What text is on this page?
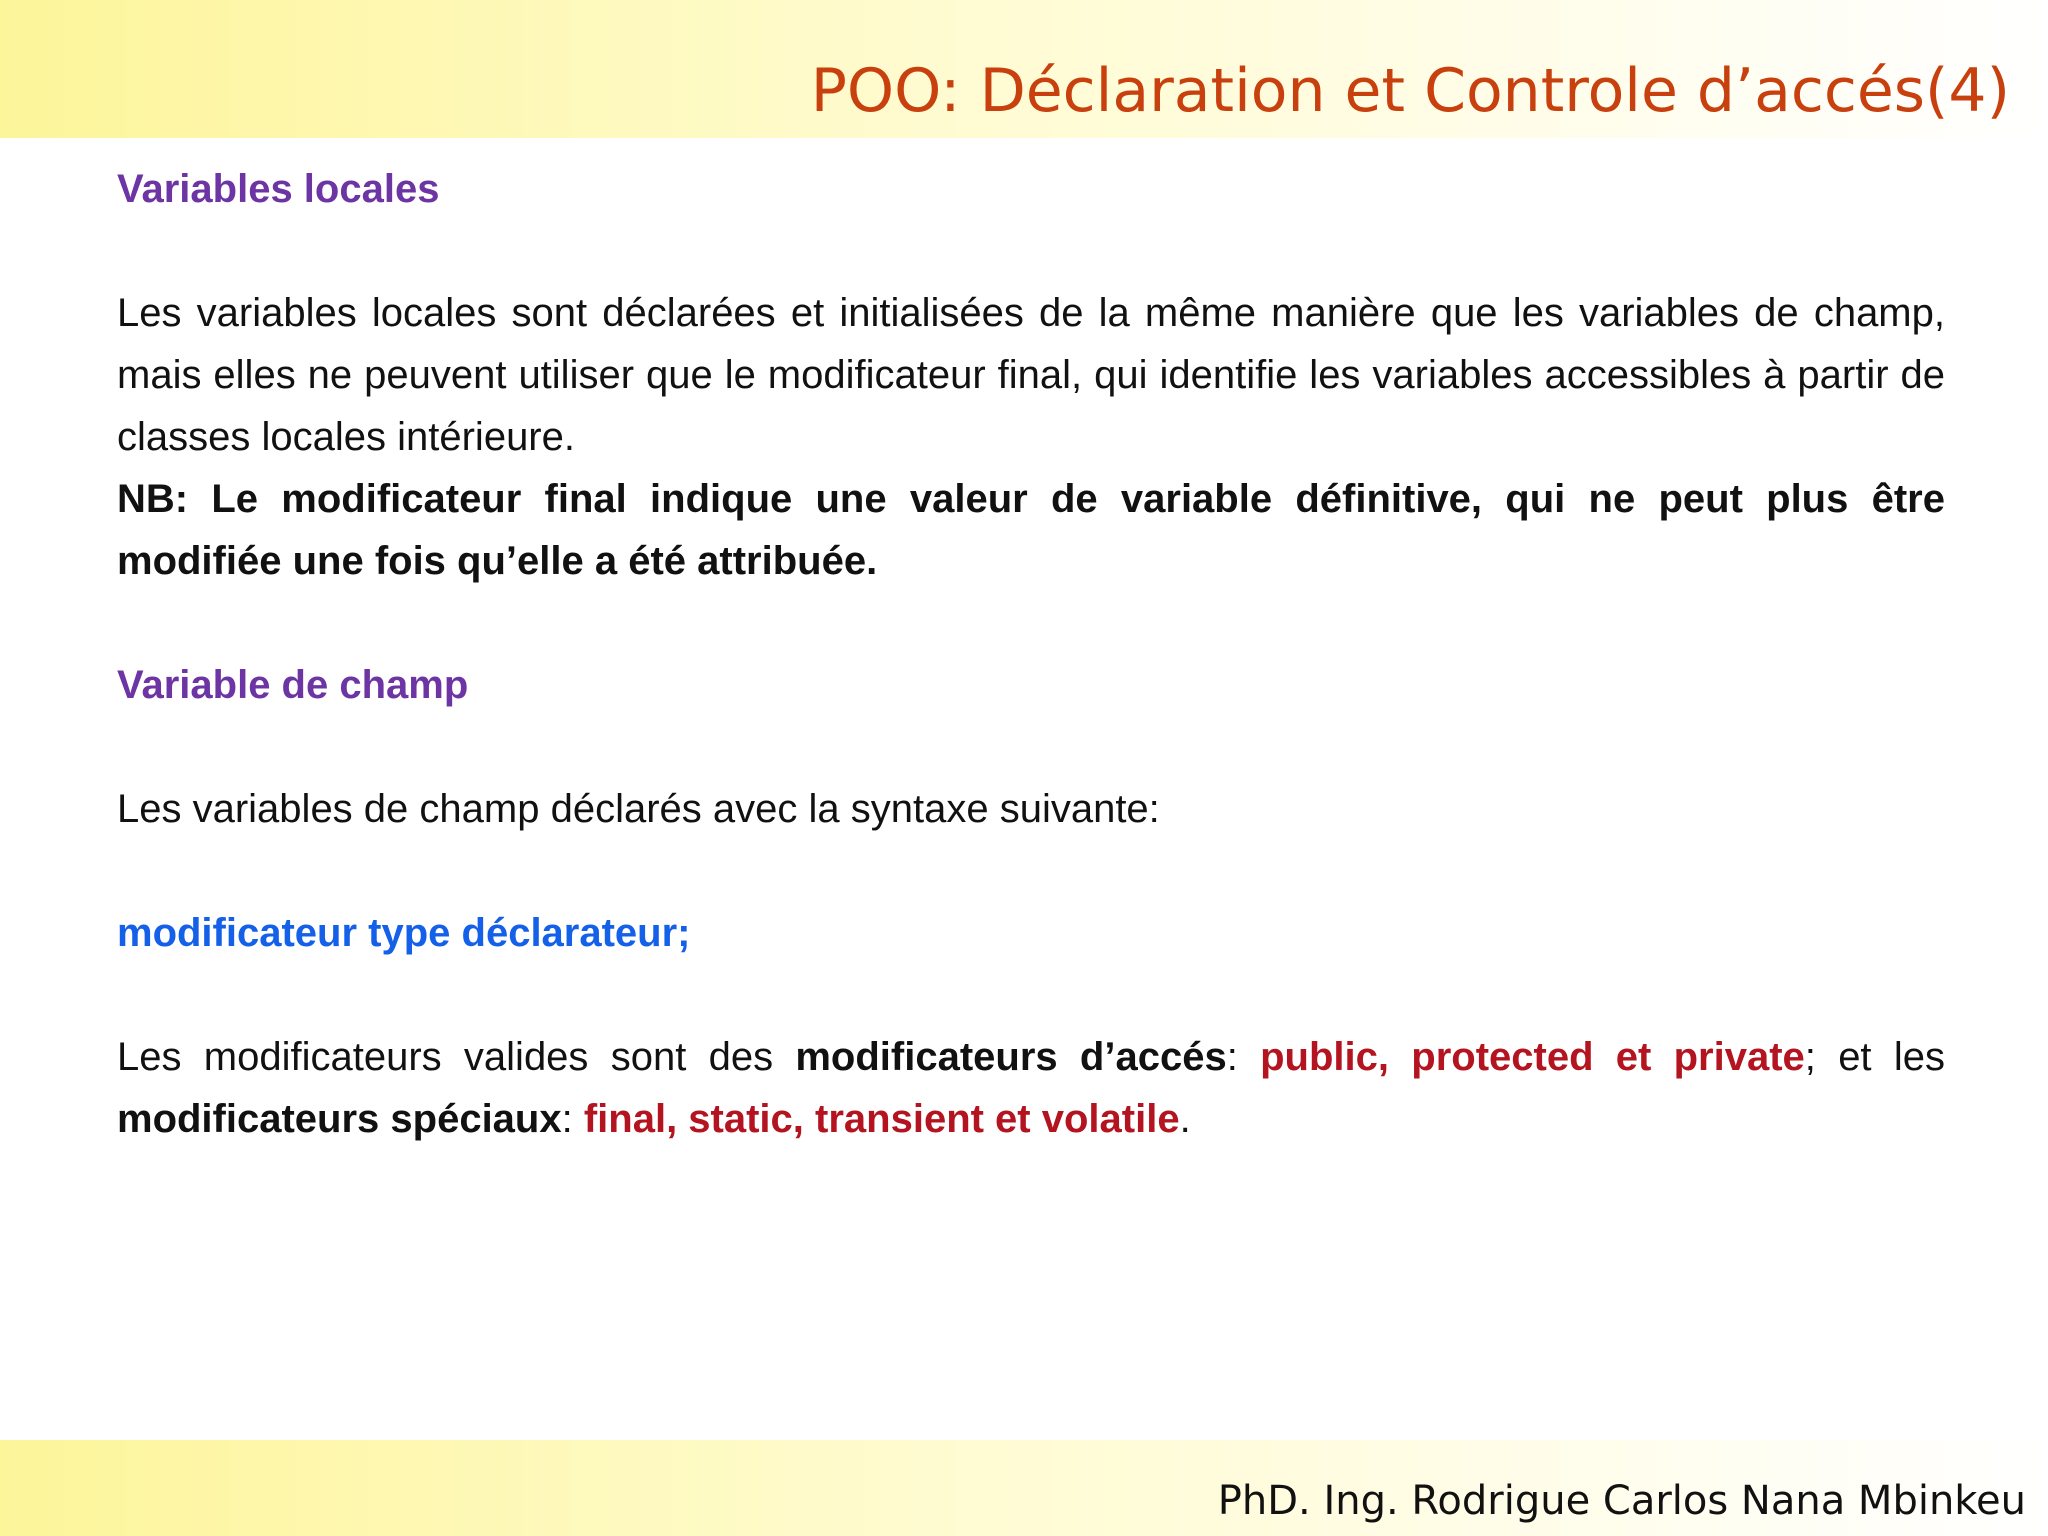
POO: Déclaration et Controle d’accés(4)

Variables locales

Les variables locales sont déclarées et initialisées de la même manière que les variables de champ, mais elles ne peuvent utiliser que le modificateur final, qui identifie les variables accessibles à partir de classes locales intérieure.

NB: Le modificateur final indique une valeur de variable définitive, qui ne peut plus être modifiée une fois qu’elle a été attribuée.

Variable de champ

Les variables de champ déclarés avec la syntaxe suivante:

modificateur type déclarateur;

Les modificateurs valides sont des modificateurs d’accés: public, protected et private; et les modificateurs spéciaux: final, static, transient et volatile.

PhD. Ing. Rodrigue Carlos Nana Mbinkeu
